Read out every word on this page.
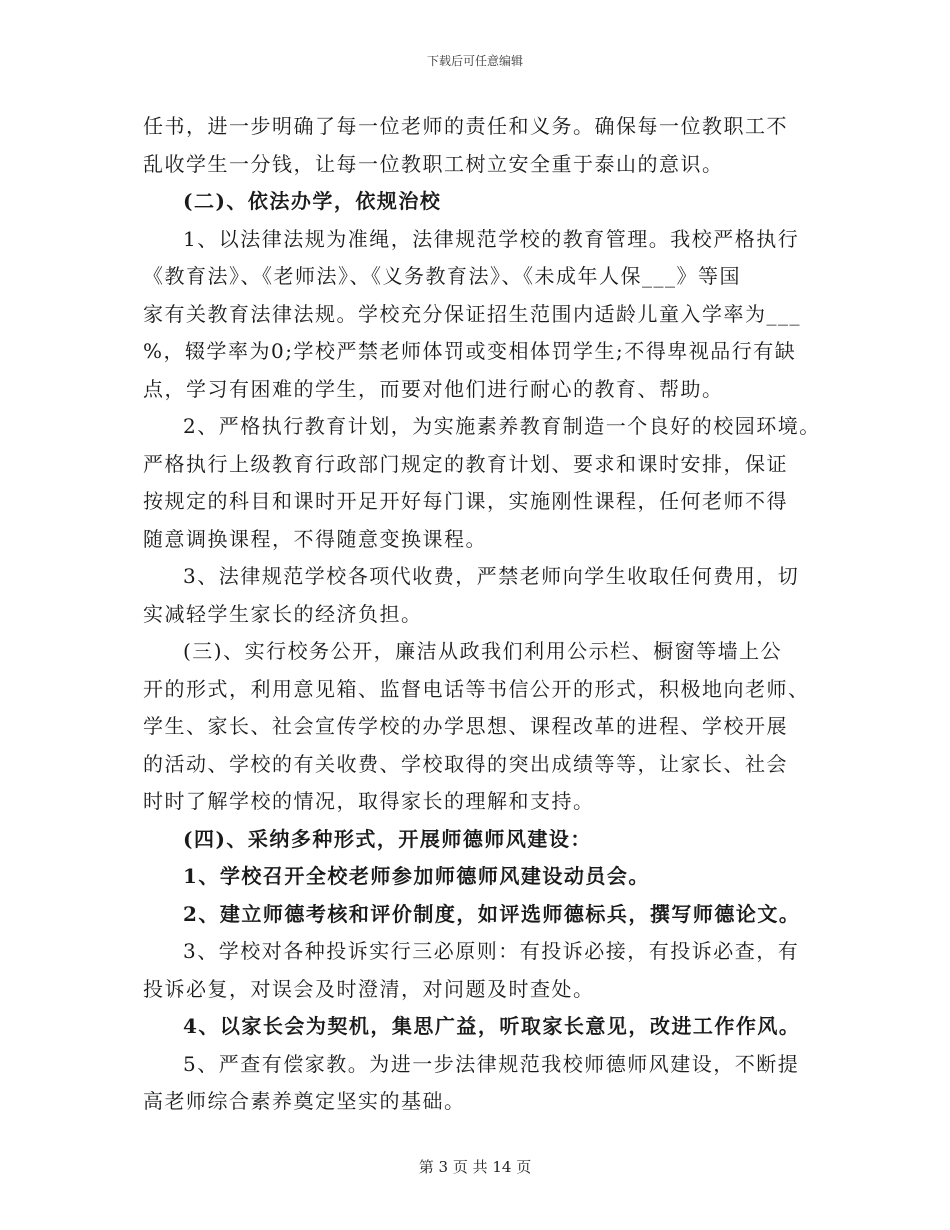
下载后可任意编辑
任书，进一步明确了每一位老师的责任和义务。确保每一位教职工不
乱收学生一分钱，让每一位教职工树立安全重于泰山的意识。
(二)、依法办学，依规治校
1、以法律法规为准绳，法律规范学校的教育管理。我校严格执行
《教育法》、《老师法》、《义务教育法》、《未成年人保___》等国
家有关教育法律法规。学校充分保证招生范围内适龄儿童入学率为___
%，辍学率为0;学校严禁老师体罚或变相体罚学生;不得卑视品行有缺
点，学习有困难的学生，而要对他们进行耐心的教育、帮助。
2、严格执行教育计划，为实施素养教育制造一个良好的校园环境。
严格执行上级教育行政部门规定的教育计划、要求和课时安排，保证
按规定的科目和课时开足开好每门课，实施刚性课程，任何老师不得
随意调换课程，不得随意变换课程。
3、法律规范学校各项代收费，严禁老师向学生收取任何费用，切
实减轻学生家长的经济负担。
(三)、实行校务公开，廉洁从政我们利用公示栏、橱窗等墙上公
开的形式，利用意见箱、监督电话等书信公开的形式，积极地向老师、
学生、家长、社会宣传学校的办学思想、课程改革的进程、学校开展
的活动、学校的有关收费、学校取得的突出成绩等等，让家长、社会
时时了解学校的情况，取得家长的理解和支持。
(四)、采纳多种形式，开展师德师风建设：
1、学校召开全校老师参加师德师风建设动员会。
2、建立师德考核和评价制度，如评选师德标兵，撰写师德论文。
3、学校对各种投诉实行三必原则：有投诉必接，有投诉必查，有
投诉必复，对误会及时澄清，对问题及时查处。
4、以家长会为契机，集思广益，听取家长意见，改进工作作风。
5、严查有偿家教。为进一步法律规范我校师德师风建设，不断提
高老师综合素养奠定坚实的基础。
第 3 页 共 14 页
